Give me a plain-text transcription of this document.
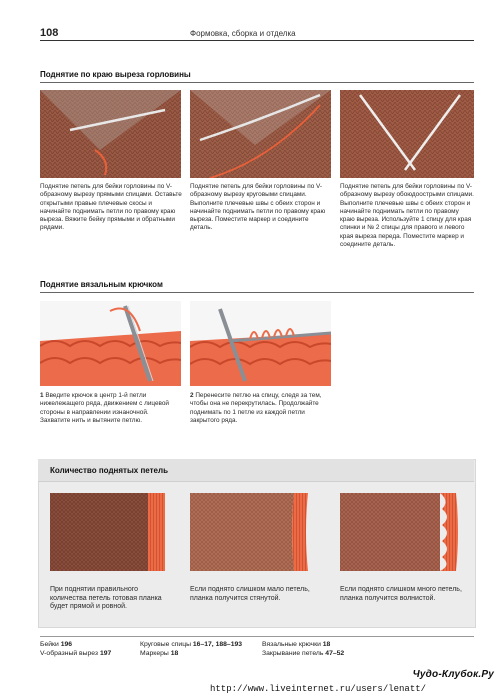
108	Формовка, сборка и отделка
Поднятие по краю выреза горловины
Поднятие петель для бейки горловины по V-образному вырезу прямыми спицами. Оставьте открытыми правые плечевые скосы и начинайте поднимать петли по правому краю выреза. Вяжите бейку прямыми и обратными рядами.
Поднятие петель для бейки горловины по V-образному вырезу круговыми спицами. Выполните плечевые швы с обеих сторон и начинайте поднимать петли по правому краю выреза. Поместите маркер и соедините деталь.
Поднятие петель для бейки горловины по V-образному вырезу обоюдоострыми спицами. Выполните плечевые швы с обеих сторон и начинайте поднимать петли по правому краю выреза. Используйте 1 спицу для края спинки и № 2 спицы для правого и левого края выреза переда. Поместите маркер и соедините деталь.
Поднятие вязальным крючком
1 Введите крючок в центр 1-й петли нижележащего ряда, движением с лицевой стороны в направлении изнаночной. Захватите нить и вытяните петлю.
2 Перенесите петлю на спицу, следя за тем, чтобы она не перекрутилась. Продолжайте поднимать по 1 петле из каждой петли закрытого ряда.
Количество поднятых петель
При поднятии правильного количества петель готовая планка будет прямой и ровной.
Если поднято слишком мало петель, планка получится стянутой.
Если поднято слишком много петель, планка получится волнистой.
Бейки 196
V-образный вырез 197
Круговые спицы 16–17, 188–193
Маркеры 18
Вязальные крючки 18
Закрывание петель 47–52
Чудо-Клубок.Ру
http://www.liveinternet.ru/users/lenatt/
